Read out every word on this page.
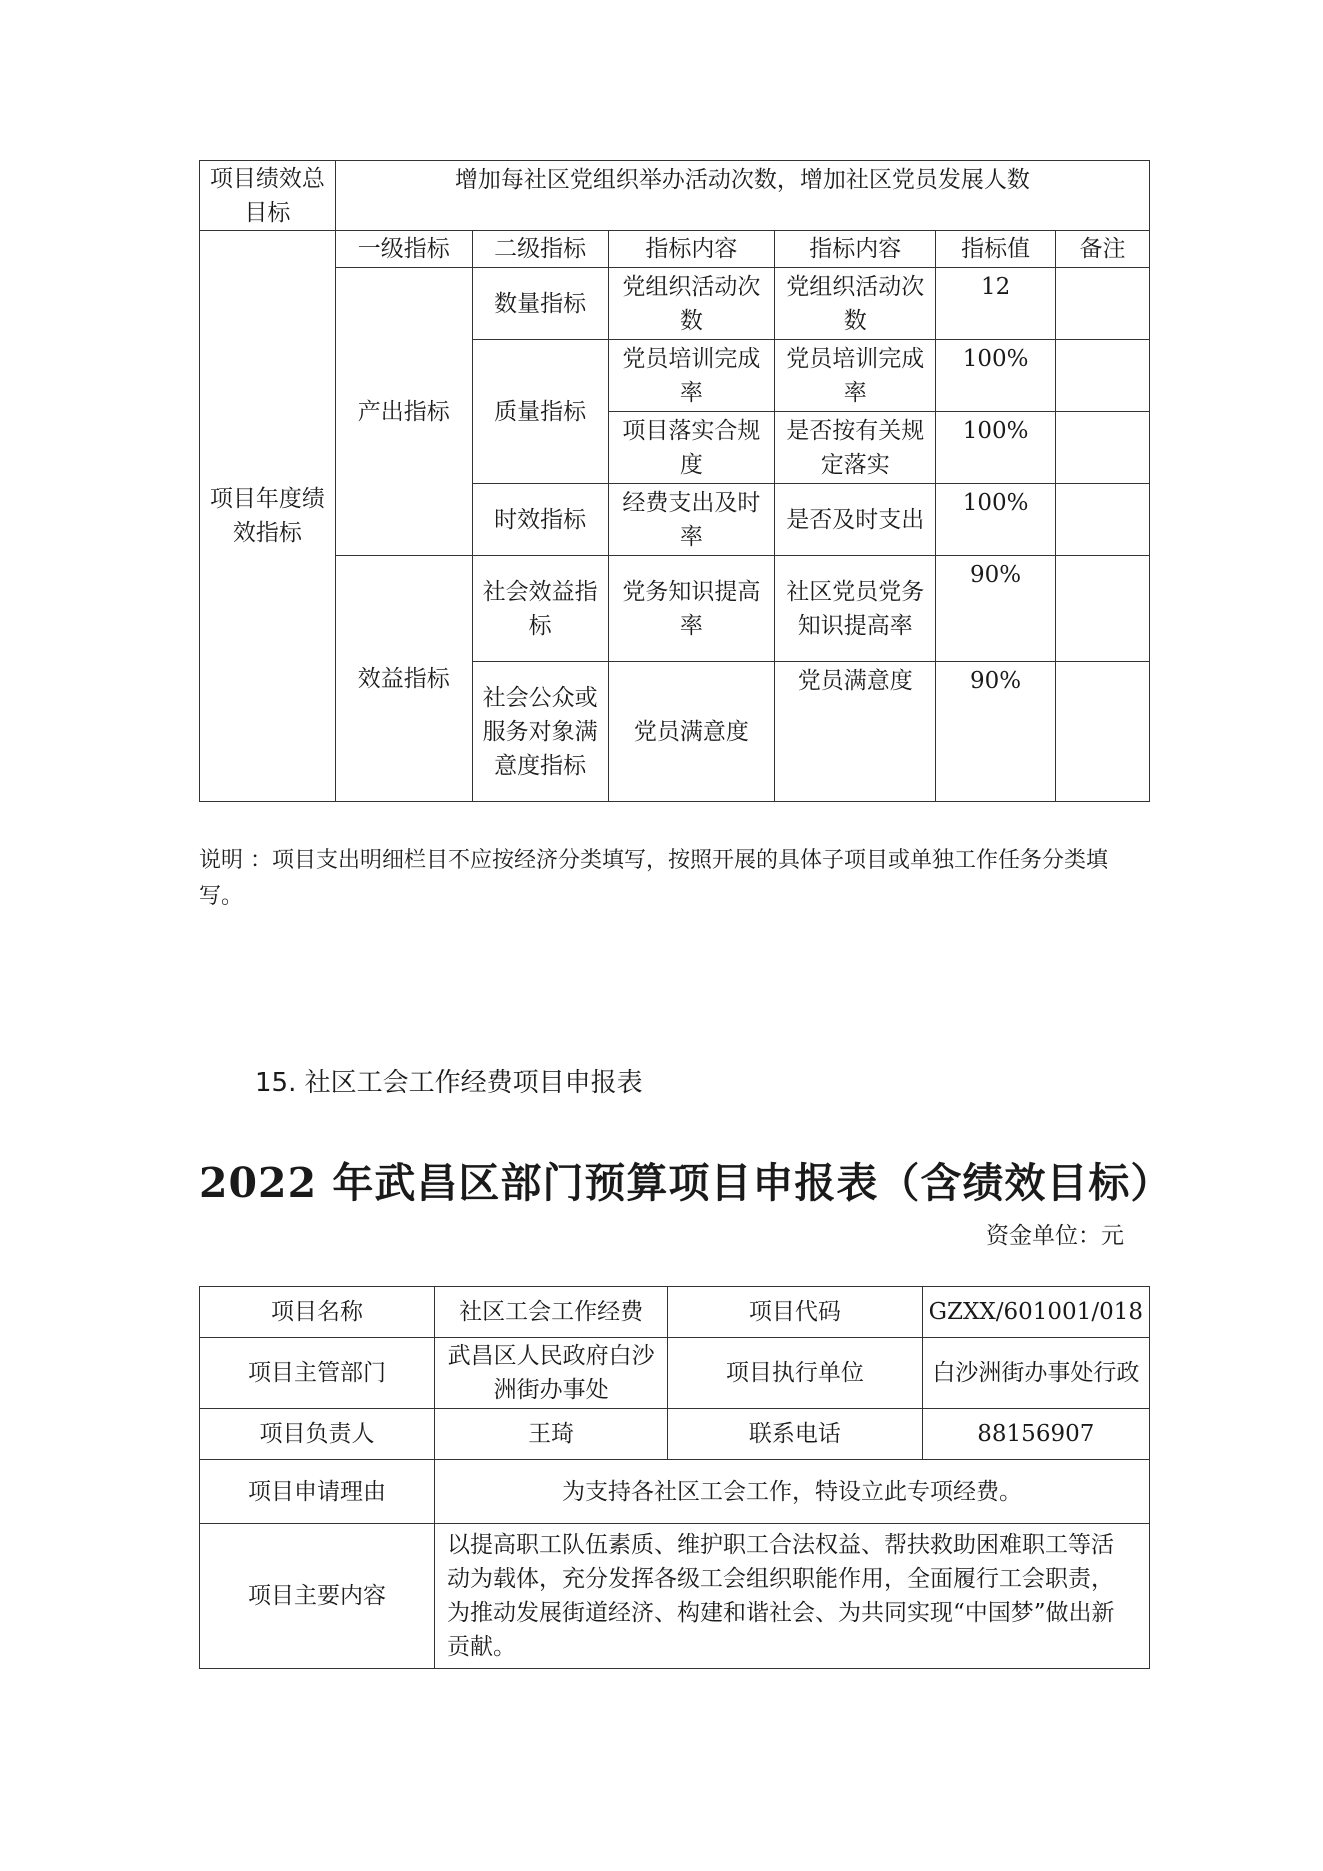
项目绩效总目标	增加每社区党组织举办活动次数，增加社区党员发展人数					
项目年度绩效指标	一级指标	二级指标	指标内容	指标内容	指标值	备注
	产出指标	数量指标	党组织活动次数	党组织活动次数	12	
		质量指标	党员培训完成率	党员培训完成率	100%	
			项目落实合规度	是否按有关规定落实	100%	
		时效指标	经费支出及时率	是否及时支出	100%	
	效益指标	社会效益指标	党务知识提高率	社区党员党务知识提高率	90%	
		社会公众或服务对象满意度指标	党员满意度	党员满意度	90%	
说明 ：项目支出明细栏目不应按经济分类填写，按照开展的具体子项目或单独工作任务分类填写。
15. 社区工会工作经费项目申报表
2022 年武昌区部门预算项目申报表（含绩效目标）
资金单位：元
项目名称	社区工会工作经费	项目代码	GZXX/601001/018
项目主管部门	武昌区人民政府白沙洲街办事处	项目执行单位	白沙洲街办事处行政
项目负责人	王琦	联系电话	88156907
项目申请理由	为支持各社区工会工作，特设立此专项经费。		
项目主要内容	以提高职工队伍素质、维护职工合法权益、帮扶救助困难职工等活动为载体，充分发挥各级工会组织职能作用，全面履行工会职责，为推动发展街道经济、构建和谐社会、为共同实现“中国梦”做出新贡献。		
